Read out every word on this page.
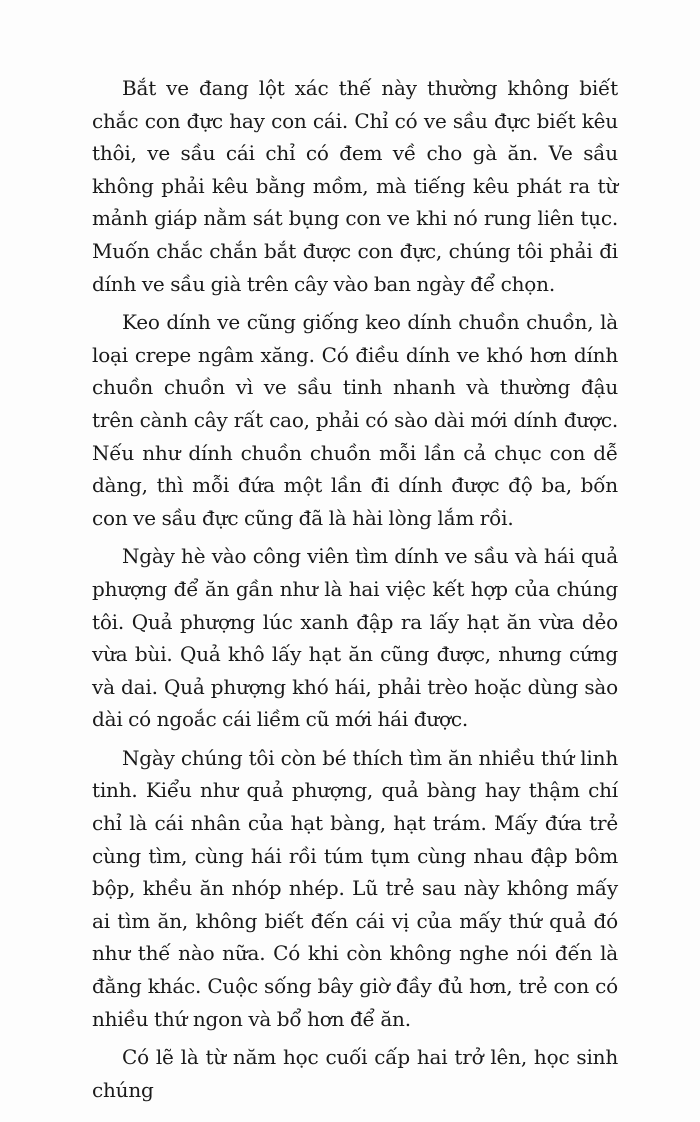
Bắt ve đang lột xác thế này thường không biết chắc con đực hay con cái. Chỉ có ve sầu đực biết kêu thôi, ve sầu cái chỉ có đem về cho gà ăn. Ve sầu không phải kêu bằng mồm, mà tiếng kêu phát ra từ mảnh giáp nằm sát bụng con ve khi nó rung liên tục. Muốn chắc chắn bắt được con đực, chúng tôi phải đi dính ve sầu già trên cây vào ban ngày để chọn.

Keo dính ve cũng giống keo dính chuồn chuồn, là loại crepe ngâm xăng. Có điều dính ve khó hơn dính chuồn chuồn vì ve sầu tinh nhanh và thường đậu trên cành cây rất cao, phải có sào dài mới dính được. Nếu như dính chuồn chuồn mỗi lần cả chục con dễ dàng, thì mỗi đứa một lần đi dính được độ ba, bốn con ve sầu đực cũng đã là hài lòng lắm rồi.

Ngày hè vào công viên tìm dính ve sầu và hái quả phượng để ăn gần như là hai việc kết hợp của chúng tôi. Quả phượng lúc xanh đập ra lấy hạt ăn vừa dẻo vừa bùi. Quả khô lấy hạt ăn cũng được, nhưng cứng và dai. Quả phượng khó hái, phải trèo hoặc dùng sào dài có ngoắc cái liềm cũ mới hái được.

Ngày chúng tôi còn bé thích tìm ăn nhiều thứ linh tinh. Kiểu như quả phượng, quả bàng hay thậm chí chỉ là cái nhân của hạt bàng, hạt trám. Mấy đứa trẻ cùng tìm, cùng hái rồi túm tụm cùng nhau đập bôm bộp, khều ăn nhóp nhép. Lũ trẻ sau này không mấy ai tìm ăn, không biết đến cái vị của mấy thứ quả đó như thế nào nữa. Có khi còn không nghe nói đến là đằng khác. Cuộc sống bây giờ đầy đủ hơn, trẻ con có nhiều thứ ngon và bổ hơn để ăn.

Có lẽ là từ năm học cuối cấp hai trở lên, học sinh chúng
